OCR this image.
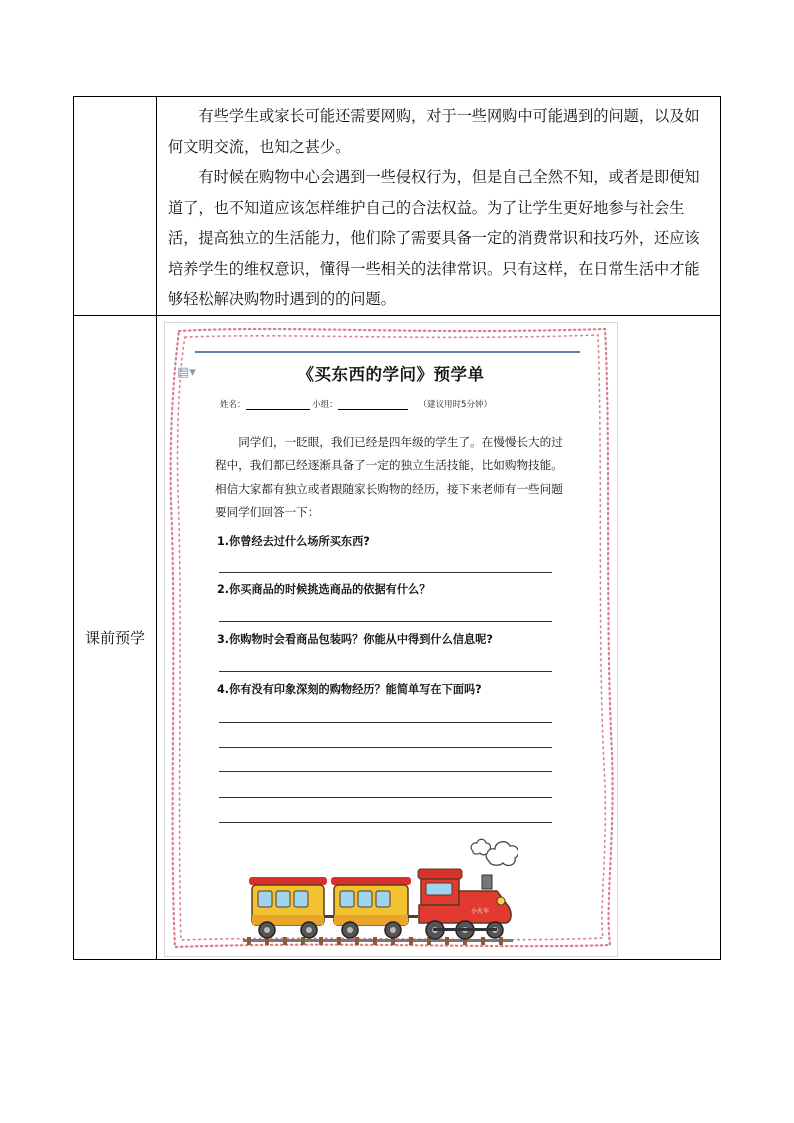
有些学生或家长可能还需要网购，对于一些网购中可能遇到的问题，以及如何文明交流，也知之甚少。

有时候在购物中心会遇到一些侵权行为，但是自己全然不知，或者是即便知道了，也不知道应该怎样维护自己的合法权益。为了让学生更好地参与社会生活，提高独立的生活能力，他们除了需要具备一定的消费常识和技巧外，还应该培养学生的维权意识，懂得一些相关的法律常识。只有这样，在日常生活中才能够轻松解决购物时遇到的的问题。

课前预学
▤▾	《买东西的学问》预学单
姓名：	小组：	（建议用时5分钟）

同学们，一眨眼，我们已经是四年级的学生了。在慢慢长大的过程中，我们都已经逐渐具备了一定的独立生活技能，比如购物技能。相信大家都有独立或者跟随家长购物的经历，接下来老师有一些问题要同学们回答一下：

1.你曾经去过什么场所买东西?
2.你买商品的时候挑选商品的依据有什么？
3.你购物时会看商品包装吗？你能从中得到什么信息呢?
4.你有没有印象深刻的购物经历？能简单写在下面吗?
小火车
